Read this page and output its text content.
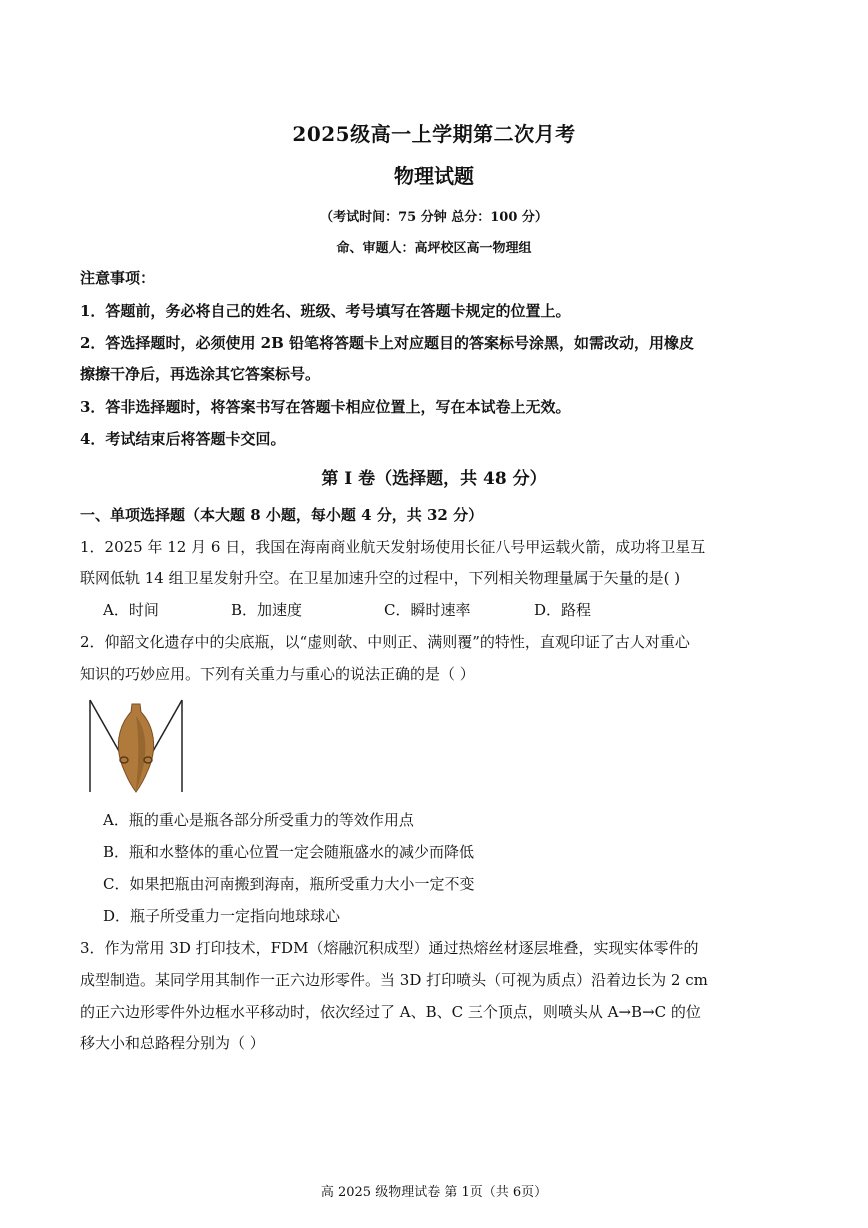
2025级高一上学期第二次月考
物理试题
（考试时间：75 分钟 总分：100 分）
命、审题人：高坪校区高一物理组
注意事项：
1．答题前，务必将自己的姓名、班级、考号填写在答题卡规定的位置上。
2．答选择题时，必须使用 2B 铅笔将答题卡上对应题目的答案标号涂黑，如需改动，用橡皮
擦擦干净后，再选涂其它答案标号。
3．答非选择题时，将答案书写在答题卡相应位置上，写在本试卷上无效。
4．考试结束后将答题卡交回。
第 I 卷（选择题，共 48 分）
一、单项选择题（本大题 8 小题，每小题 4 分，共 32 分）
1．2025 年 12 月 6 日，我国在海南商业航天发射场使用长征八号甲运载火箭，成功将卫星互
联网低轨 14 组卫星发射升空。在卫星加速升空的过程中，下列相关物理量属于矢量的是( )
A．时间	B．加速度	C．瞬时速率	D．路程
2．仰韶文化遗存中的尖底瓶，以“虚则欹、中则正、满则覆”的特性，直观印证了古人对重心
知识的巧妙应用。下列有关重力与重心的说法正确的是（ ）
A．瓶的重心是瓶各部分所受重力的等效作用点
B．瓶和水整体的重心位置一定会随瓶盛水的减少而降低
C．如果把瓶由河南搬到海南，瓶所受重力大小一定不变
D．瓶子所受重力一定指向地球球心
3．作为常用 3D 打印技术，FDM（熔融沉积成型）通过热熔丝材逐层堆叠，实现实体零件的
成型制造。某同学用其制作一正六边形零件。当 3D 打印喷头（可视为质点）沿着边长为 2 cm
的正六边形零件外边框水平移动时，依次经过了 A、B、C 三个顶点，则喷头从 A→B→C 的位
移大小和总路程分别为（ ）
高 2025 级物理试卷 第 1页（共 6页）
